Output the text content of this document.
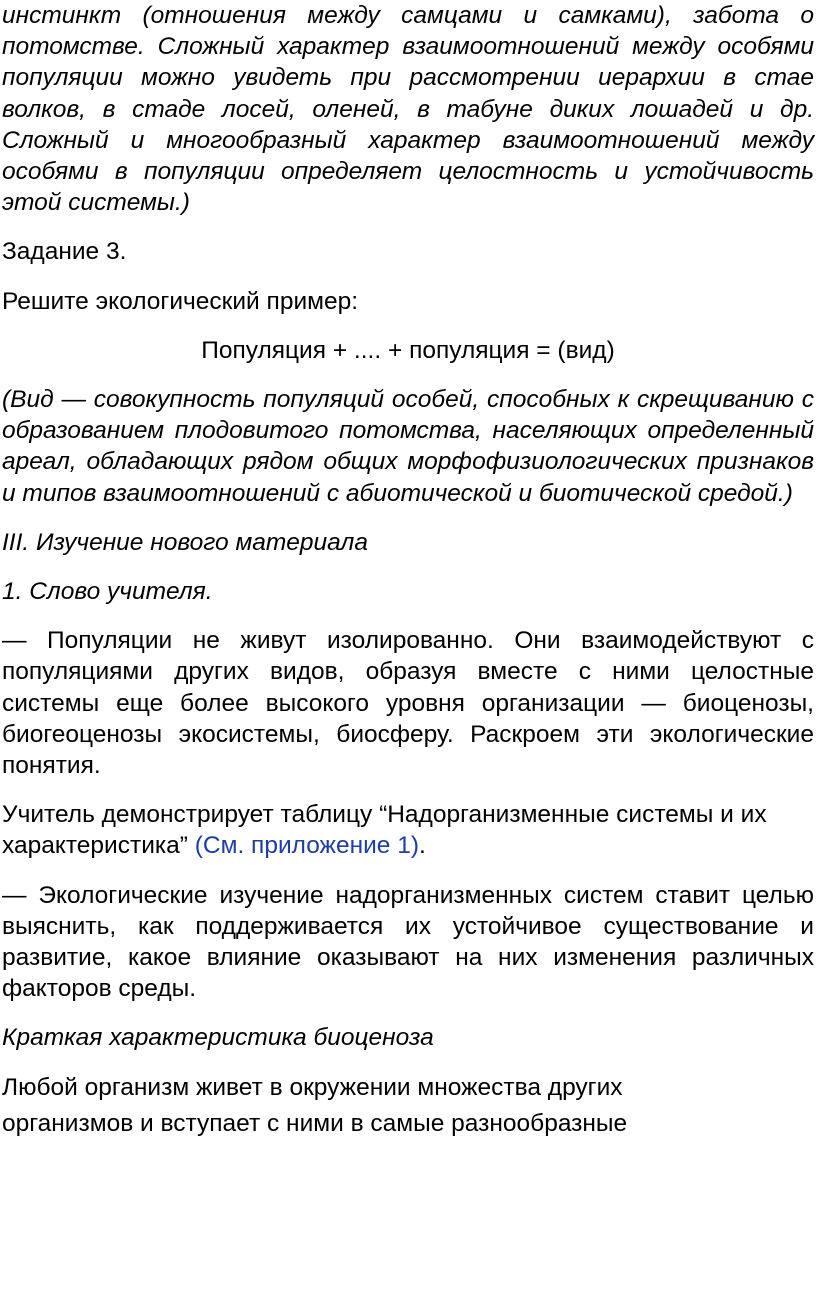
инстинкт (отношения между самцами и самками), забота о потомстве. Сложный характер взаимоотношений между особями популяции можно увидеть при рассмотрении иерархии в стае волков, в стаде лосей, оленей, в табуне диких лошадей и др. Сложный и многообразный характер взаимоотношений между особями в популяции определяет целостность и устойчивость этой системы.)

Задание 3.

Решите экологический пример:

Популяция + .... + популяция = (вид)

(Вид — совокупность популяций особей, способных к скрещиванию с образованием плодовитого потомства, населяющих определенный ареал, обладающих рядом общих морфофизиологических признаков и типов взаимоотношений с абиотической и биотической средой.)

III. Изучение нового материала

1. Слово учителя.

— Популяции не живут изолированно. Они взаимодействуют с популяциями других видов, образуя вместе с ними целостные системы еще более высокого уровня организации — биоценозы, биогеоценозы экосистемы, биосферу. Раскроем эти экологические понятия.

Учитель демонстрирует таблицу “Надорганизменные системы и их характеристика” (См. приложение 1).

— Экологические изучение надорганизменных систем ставит целью выяснить, как поддерживается их устойчивое существование и развитие, какое влияние оказывают на них изменения различных факторов среды.

Краткая характеристика биоценоза

Любой организм живет в окружении множества других

организмов и вступает с ними в самые разнообразные
